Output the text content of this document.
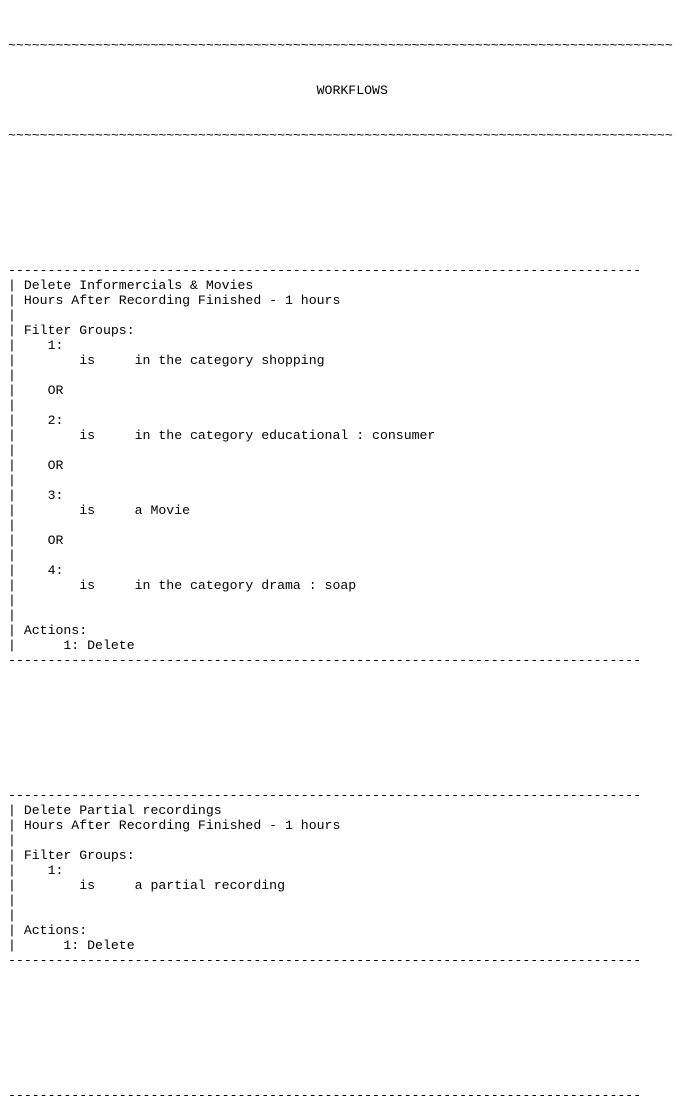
~~~~~~~~~~~~~~~~~~~~~~~~~~~~~~~~~~~~~~~~~~~~~~~~~~~~~~~~~~~~~~~~~~~~~~~~~~~~~~~~~~~~

WORKFLOWS

~~~~~~~~~~~~~~~~~~~~~~~~~~~~~~~~~~~~~~~~~~~~~~~~~~~~~~~~~~~~~~~~~~~~~~~~~~~~~~~~~~~~

--------------------------------------------------------------------------------
| Delete Informercials & Movies
| Hours After Recording Finished - 1 hours
|
| Filter Groups:
|    1:
|        is     in the category shopping
|
|    OR
|
|    2:
|        is     in the category educational : consumer
|
|    OR
|
|    3:
|        is     a Movie
|
|    OR
|
|    4:
|        is     in the category drama : soap
|
|
| Actions:
|      1: Delete
--------------------------------------------------------------------------------

--------------------------------------------------------------------------------
| Delete Partial recordings
| Hours After Recording Finished - 1 hours
|
| Filter Groups:
|    1:
|        is     a partial recording
|
|
| Actions:
|      1: Delete
--------------------------------------------------------------------------------

--------------------------------------------------------------------------------
